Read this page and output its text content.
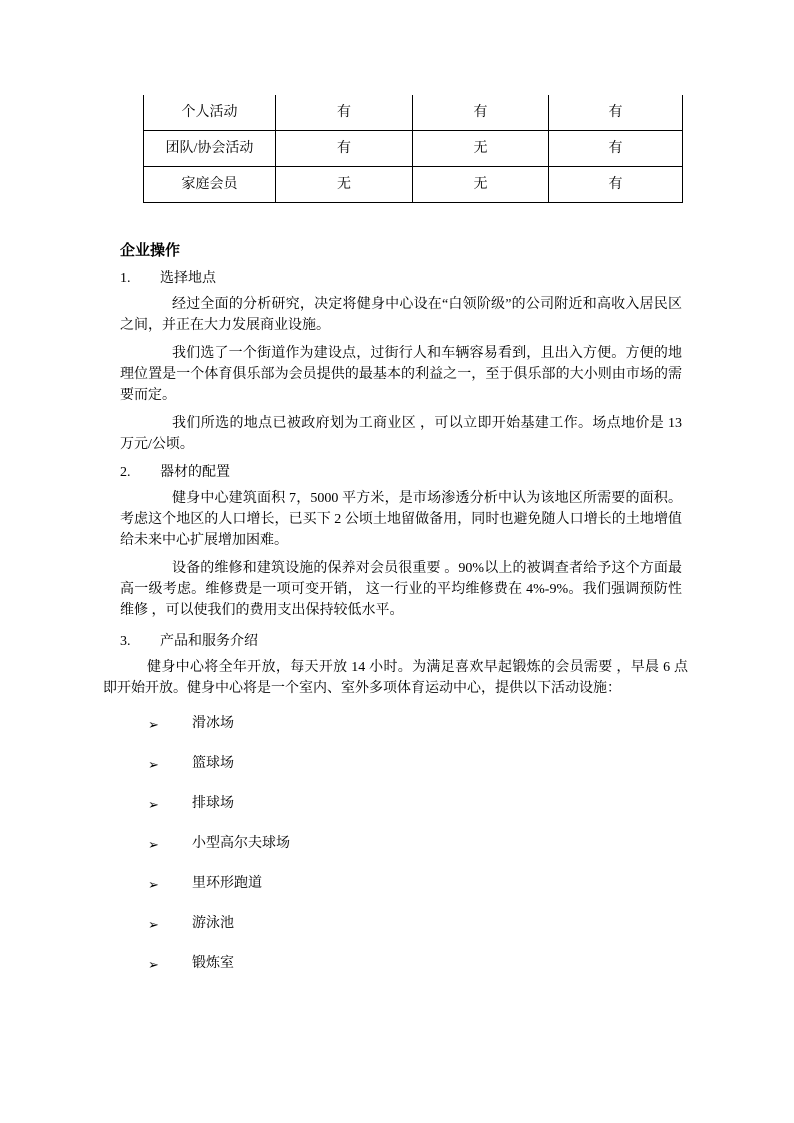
个人活动	有	有	有
团队/协会活动	有	无	有
家庭会员	无	无	有
企业操作
1. 选择地点

经过全面的分析研究，决定将健身中心设在“白领阶级”的公司附近和高收入居民区之间，并正在大力发展商业设施。

我们选了一个街道作为建设点，过街行人和车辆容易看到，且出入方便。方便的地理位置是一个体育俱乐部为会员提供的最基本的利益之一，至于俱乐部的大小则由市场的需要而定。

我们所选的地点已被政府划为工商业区 ，可以立即开始基建工作。场点地价是 13 万元/公顷。

2. 器材的配置

健身中心建筑面积 7，5000 平方米，是市场渗透分析中认为该地区所需要的面积。考虑这个地区的人口增长，已买下 2 公顷土地留做备用，同时也避免随人口增长的土地增值给未来中心扩展增加困难。

设备的维修和建筑设施的保养对会员很重要 。90%以上的被调查者给予这个方面最高一级考虑。维修费是一项可变开销， 这一行业的平均维修费在 4%-9%。我们强调预防性维修 ，可以使我们的费用支出保持较低水平。

3. 产品和服务介绍

健身中心将全年开放，每天开放 14 小时。为满足喜欢早起锻炼的会员需要 ，早晨 6 点即开始开放。健身中心将是一个室内、室外多项体育运动中心，提供以下活动设施：

➢ 滑冰场
➢ 篮球场
➢ 排球场
➢ 小型高尔夫球场
➢ 里环形跑道
➢ 游泳池
➢ 锻炼室
